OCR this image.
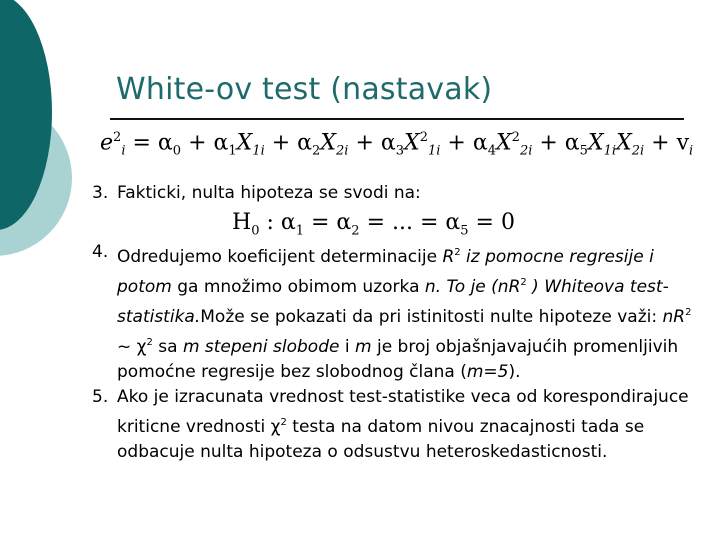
White-ov test (nastavak)
$e^2_i = \alpha_0 + \alpha_1X_{1i} + \alpha_2X_{2i} + \alpha_3X^2_{1i} + \alpha_4X^2_{2i} + \alpha_5X_{1i}X_{2i} + v_i$

3. Fakticki, nulta hipoteza se svodi na:

$H_0$ : $\alpha_1 = \alpha_2$ = ... = $\alpha_5 = 0$

4. Odredujemo koeficijent determinacije $R^2$ iz pomocne regresije i potom ga množimo obimom uzorka n. To je ($nR^2$ ) Whiteova test-statistika.Može se pokazati da pri istinitosti nulte hipoteze važi: $nR^2$ ~ $\chi^2$ sa m stepeni slobode i m je broj objašnjavajućih promenljivih pomoćne regresije bez slobodnog člana (m=5).

5. Ako je izracunata vrednost test-statistike veca od korespondirajuce kriticne vrednosti $\chi^2$ testa na datom nivou znacajnosti tada se odbacuje nulta hipoteza o odsustvu heteroskedasticnosti.
